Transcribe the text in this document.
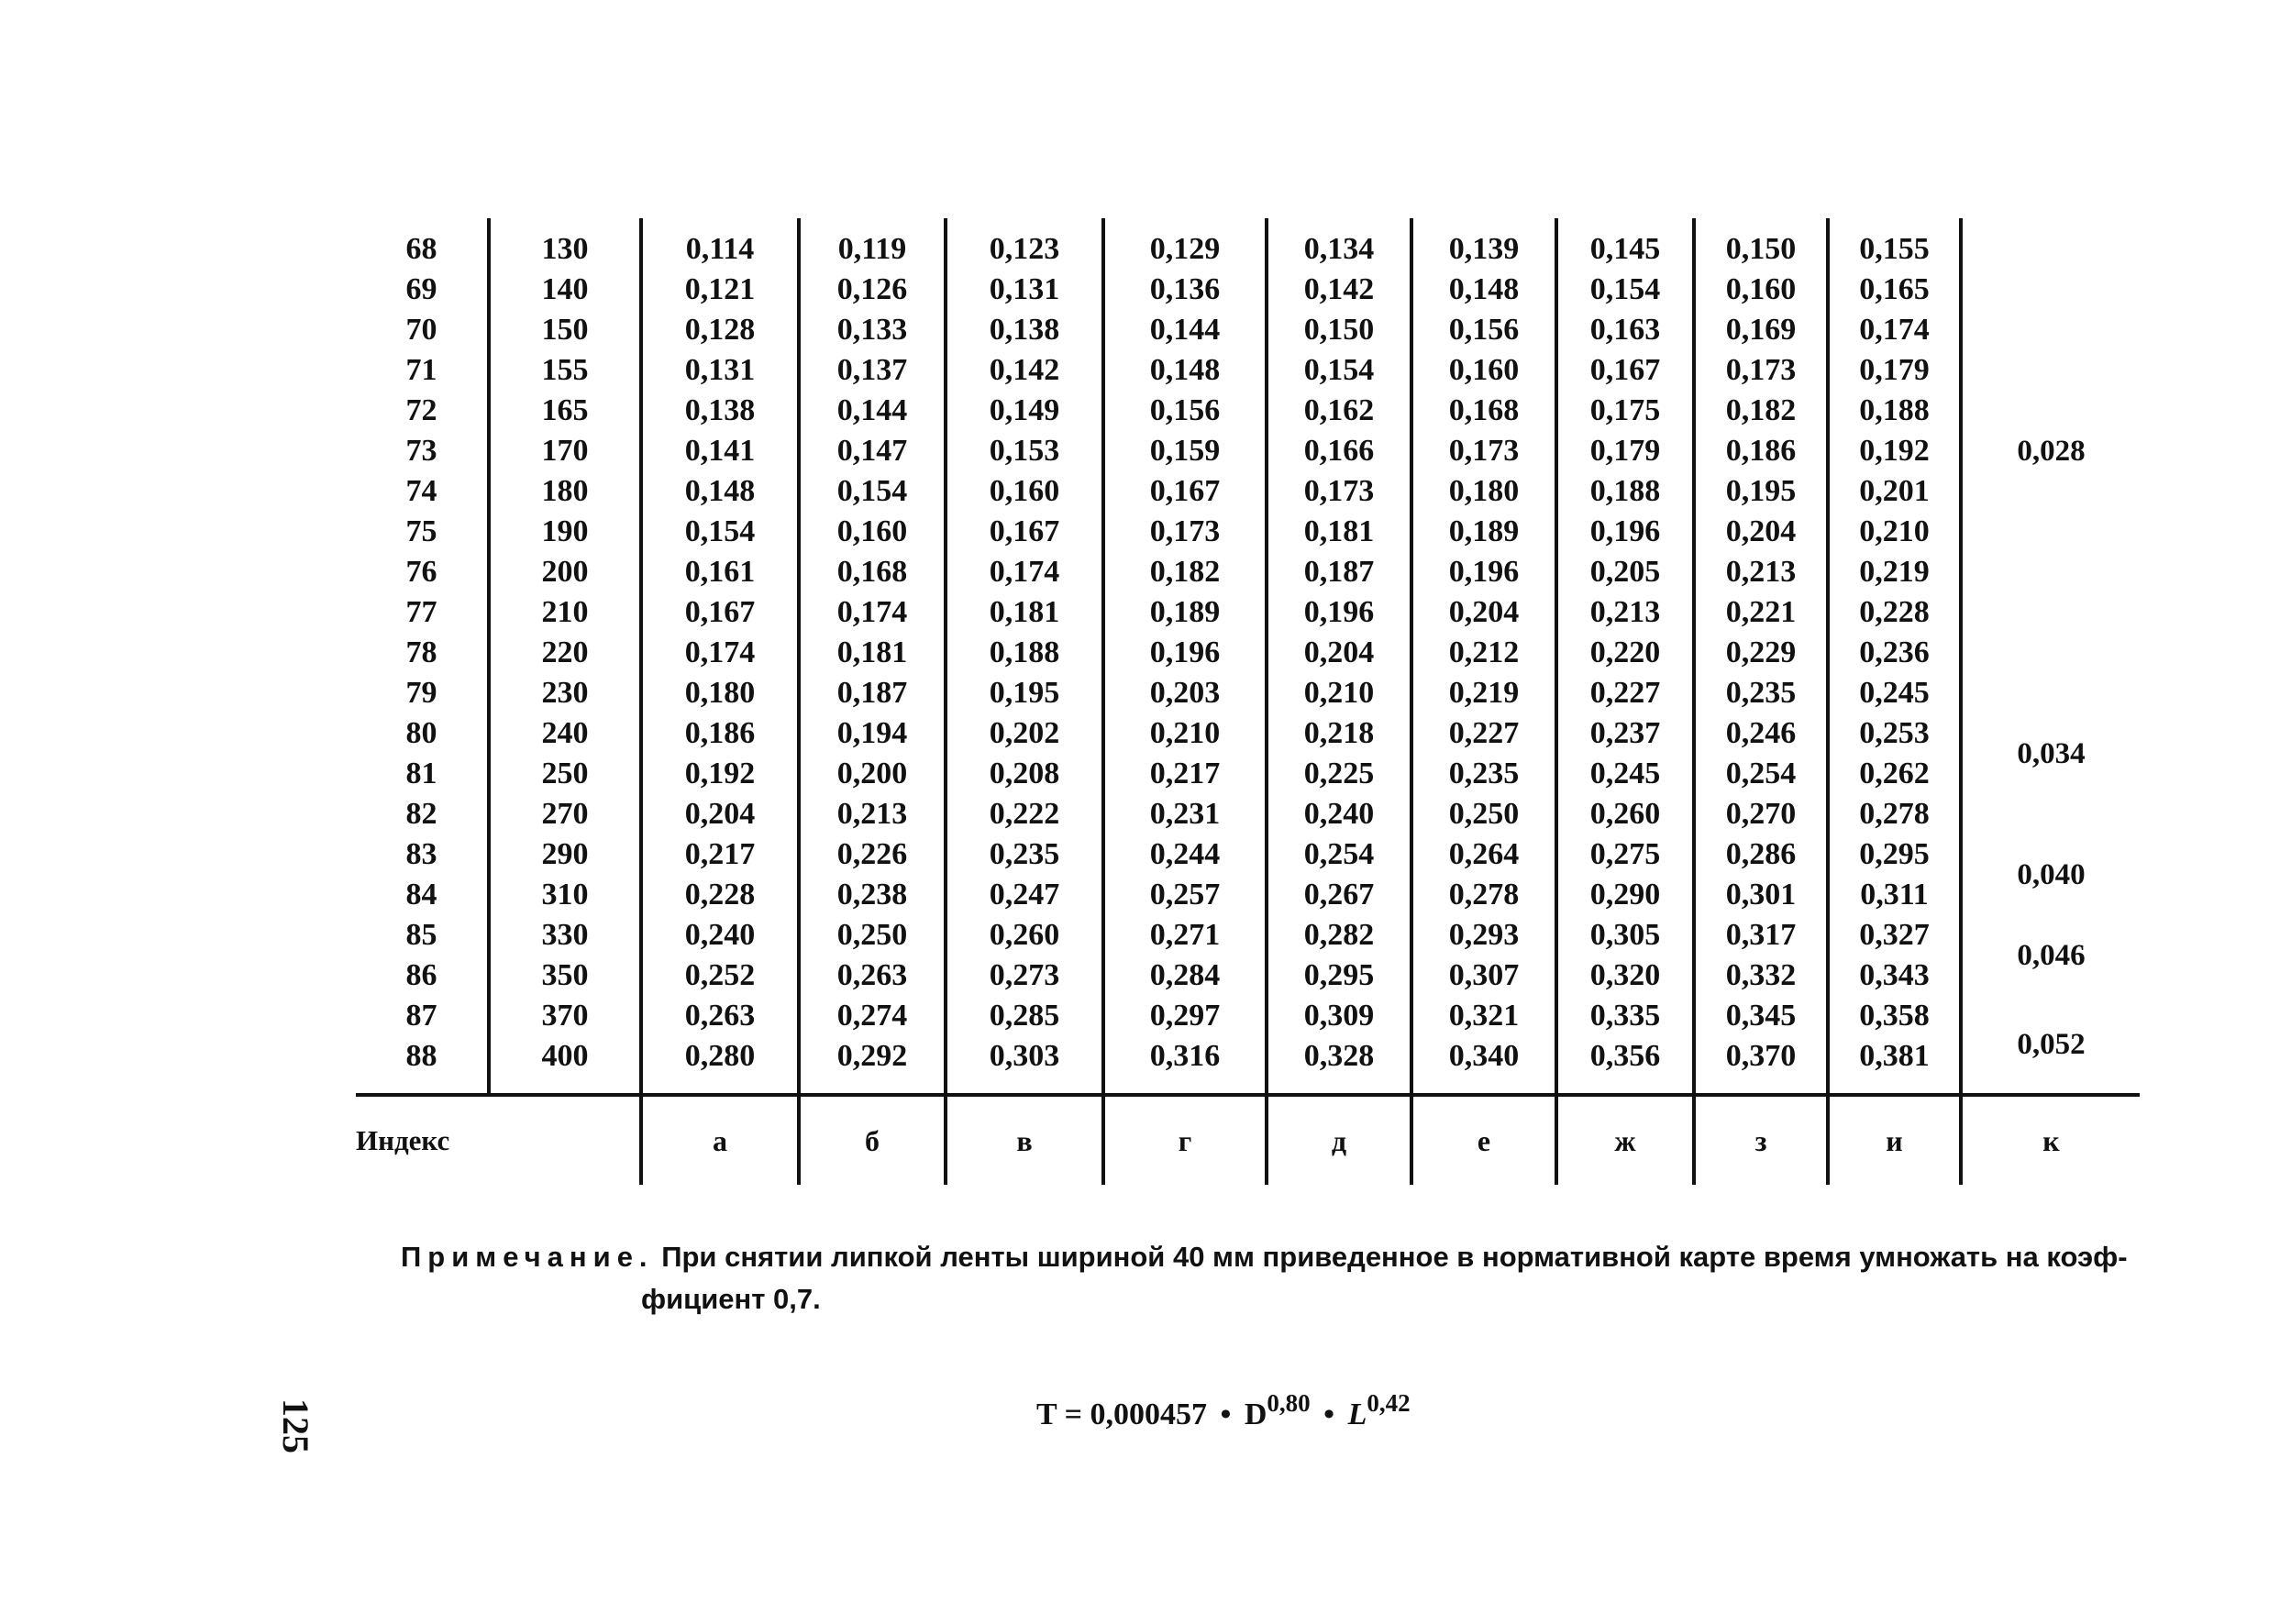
68	130	0,114	0,119	0,123	0,129	0,134	0,139	0,145	0,150	0,155	0,028
69	140	0,121	0,126	0,131	0,136	0,142	0,148	0,154	0,160	0,165	
70	150	0,128	0,133	0,138	0,144	0,150	0,156	0,163	0,169	0,174	
71	155	0,131	0,137	0,142	0,148	0,154	0,160	0,167	0,173	0,179	
72	165	0,138	0,144	0,149	0,156	0,162	0,168	0,175	0,182	0,188	
73	170	0,141	0,147	0,153	0,159	0,166	0,173	0,179	0,186	0,192	
74	180	0,148	0,154	0,160	0,167	0,173	0,180	0,188	0,195	0,201	
75	190	0,154	0,160	0,167	0,173	0,181	0,189	0,196	0,204	0,210	
76	200	0,161	0,168	0,174	0,182	0,187	0,196	0,205	0,213	0,219	
77	210	0,167	0,174	0,181	0,189	0,196	0,204	0,213	0,221	0,228	
78	220	0,174	0,181	0,188	0,196	0,204	0,212	0,220	0,229	0,236	
79	230	0,180	0,187	0,195	0,203	0,210	0,219	0,227	0,235	0,245	0,034
80	240	0,186	0,194	0,202	0,210	0,218	0,227	0,237	0,246	0,253	
81	250	0,192	0,200	0,208	0,217	0,225	0,235	0,245	0,254	0,262	
82	270	0,204	0,213	0,222	0,231	0,240	0,250	0,260	0,270	0,278	
83	290	0,217	0,226	0,235	0,244	0,254	0,264	0,275	0,286	0,295	0,040
84	310	0,228	0,238	0,247	0,257	0,267	0,278	0,290	0,301	0,311	
85	330	0,240	0,250	0,260	0,271	0,282	0,293	0,305	0,317	0,327	0,046
86	350	0,252	0,263	0,273	0,284	0,295	0,307	0,320	0,332	0,343	
87	370	0,263	0,274	0,285	0,297	0,309	0,321	0,335	0,345	0,358	0,052
88	400	0,280	0,292	0,303	0,316	0,328	0,340	0,356	0,370	0,381	
Индекс		а	б	в	г	д	е	ж	з	и	к
Примечание. При снятии липкой ленты шириной 40 мм приведенное в нормативной карте время умножать на коэф-
фициент 0,7.
125	T = 0,000457 • D$^{0,80}$ • L$^{0,42}$
